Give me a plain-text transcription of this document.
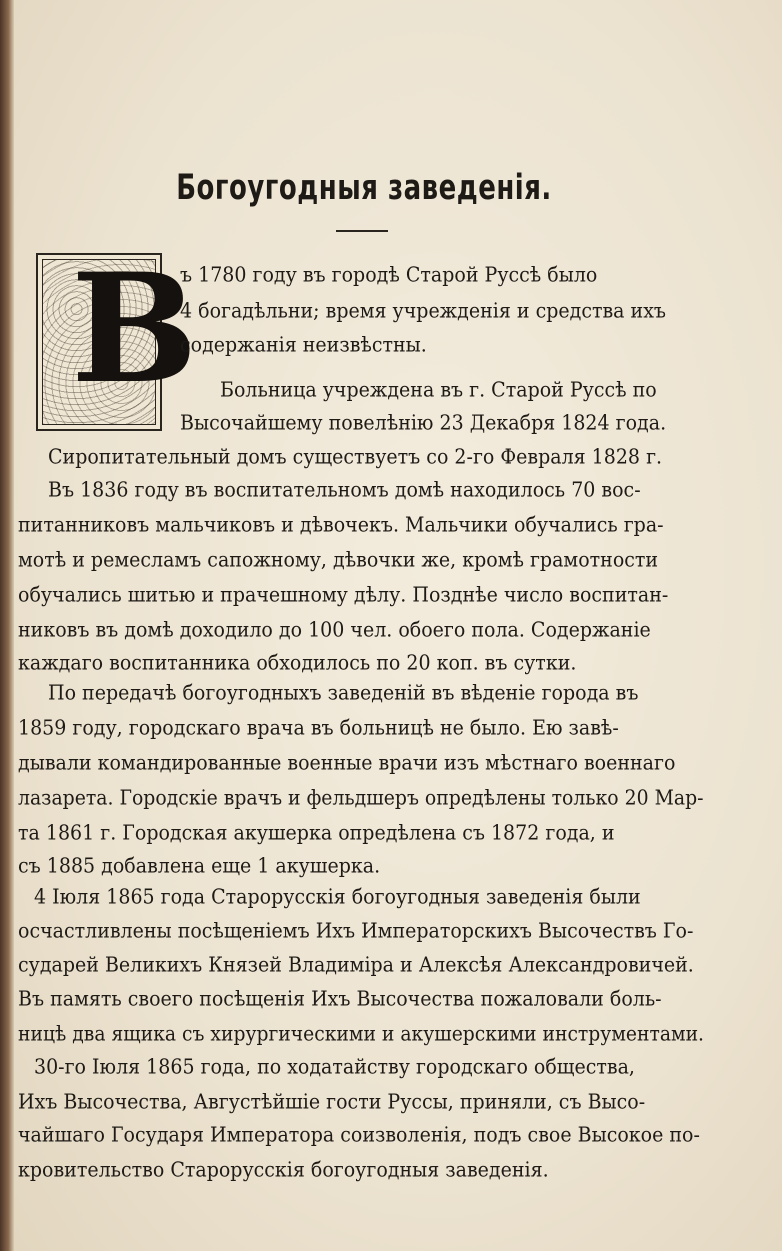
Богоугодныя заведенія.
В
ъ 1780 году въ городѣ Старой Руссѣ было
4 богадѣльни; время учрежденія и средства ихъ
содержанія неизвѣстны.
Больница учреждена въ г. Старой Руссѣ по
Высочайшему повелѣнію 23 Декабря 1824 года.
Сиропитательный домъ существуетъ со 2-го Февраля 1828 г.
Въ 1836 году въ воспитательномъ домѣ находилось 70 вос-
питанниковъ мальчиковъ и дѣвочекъ. Мальчики обучались гра-
мотѣ и ремесламъ сапожному, дѣвочки же, кромѣ грамотности
обучались шитью и прачешному дѣлу. Позднѣе число воспитан-
никовъ въ домѣ доходило до 100 чел. обоего пола. Содержаніе
каждаго воспитанника обходилось по 20 коп. въ сутки.
По передачѣ богоугодныхъ заведеній въ вѣденіе города въ
1859 году, городскаго врача въ больницѣ не было. Ею завѣ-
дывали командированные военные врачи изъ мѣстнаго военнаго
лазарета. Городскіе врачъ и фельдшеръ опредѣлены только 20 Мар-
та 1861 г. Городская акушерка опредѣлена съ 1872 года, и
съ 1885 добавлена еще 1 акушерка.
4 Іюля 1865 года Старорусскія богоугодныя заведенія были
осчастливлены посѣщеніемъ Ихъ Императорскихъ Высочествъ Го-
сударей Великихъ Князей Владиміра и Алексѣя Александровичей.
Въ память своего посѣщенія Ихъ Высочества пожаловали боль-
ницѣ два ящика съ хирургическими и акушерскими инструментами.
30-го Іюля 1865 года, по ходатайству городскаго общества,
Ихъ Высочества, Августѣйшіе гости Руссы, приняли, съ Высо-
чайшаго Государя Императора соизволенія, подъ свое Высокое по-
кровительство Старорусскія богоугодныя заведенія.
